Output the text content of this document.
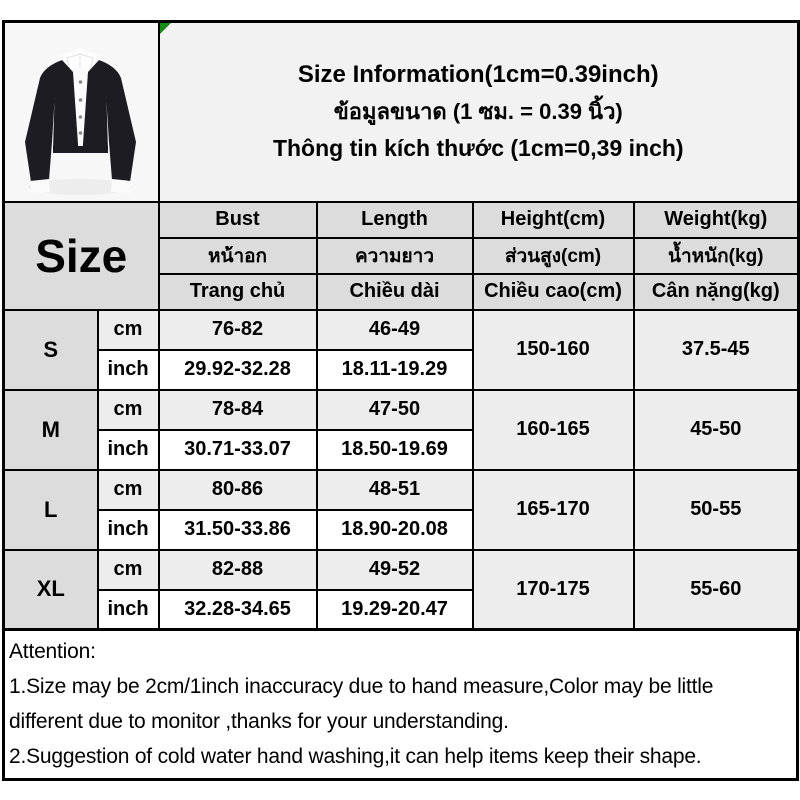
Size Information(1cm=0.39inch)
ข้อมูลขนาด (1 ซม. = 0.39 นิ้ว)
Thông tin kích thước (1cm=0,39 inch)			

Size		Bust	Length	Height(cm)	Weight(kg)
		หน้าอก	ความยาว	ส่วนสูง(cm)	น้ำหนัก(kg)
		Trang chủ	Chiều dài	Chiều cao(cm)	Cân nặng(kg)
S	cm	76-82	46-49	150-160	37.5-45
	inch	29.92-32.28	18.11-19.29		
M	cm	78-84	47-50	160-165	45-50
	inch	30.71-33.07	18.50-19.69		
L	cm	80-86	48-51	165-170	50-55
	inch	31.50-33.86	18.90-20.08		
XL	cm	82-88	49-52	170-175	55-60
	inch	32.28-34.65	19.29-20.47		
Attention:
1.Size may be 2cm/1inch inaccuracy due to hand measure,Color may be little different due to monitor ,thanks for your understanding.
2.Suggestion of cold water hand washing,it can help items keep their shape.
